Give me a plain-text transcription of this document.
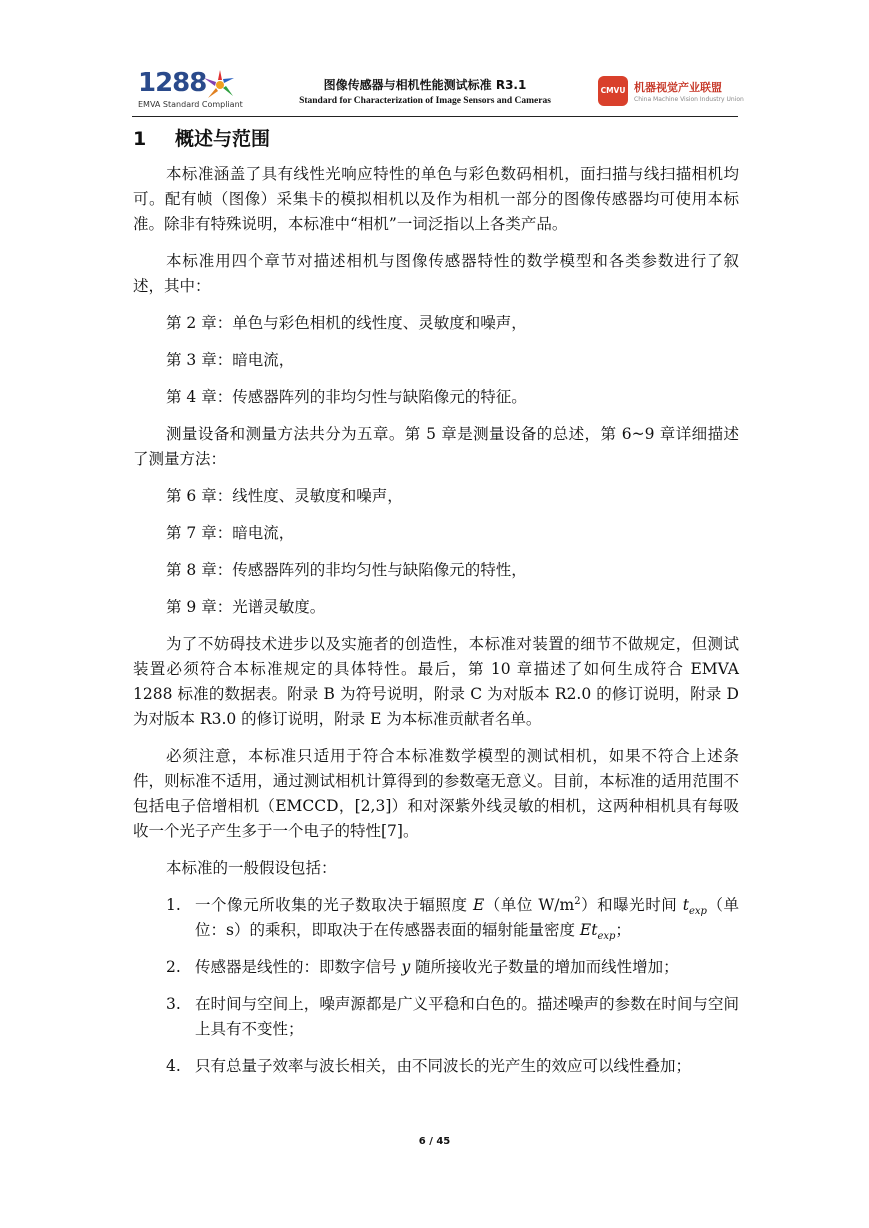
1288
EMVA Standard Compliant
图像传感器与相机性能测试标准 R3.1
Standard for Characterization of Image Sensors and Cameras
CMVU 机器视觉产业联盟
China Machine Vision Industry Union
1 概述与范围

本标准涵盖了具有线性光响应特性的单色与彩色数码相机，面扫描与线扫描相机均可。配有帧（图像）采集卡的模拟相机以及作为相机一部分的图像传感器均可使用本标准。除非有特殊说明，本标准中“相机”一词泛指以上各类产品。

本标准用四个章节对描述相机与图像传感器特性的数学模型和各类参数进行了叙述，其中：

第 2 章：单色与彩色相机的线性度、灵敏度和噪声，

第 3 章：暗电流，

第 4 章：传感器阵列的非均匀性与缺陷像元的特征。

测量设备和测量方法共分为五章。第 5 章是测量设备的总述，第 6~9 章详细描述了测量方法：

第 6 章：线性度、灵敏度和噪声，

第 7 章：暗电流，

第 8 章：传感器阵列的非均匀性与缺陷像元的特性，

第 9 章：光谱灵敏度。

为了不妨碍技术进步以及实施者的创造性，本标准对装置的细节不做规定，但测试装置必须符合本标准规定的具体特性。最后，第 10 章描述了如何生成符合 EMVA 1288 标准的数据表。附录 B 为符号说明，附录 C 为对版本 R2.0 的修订说明，附录 D 为对版本 R3.0 的修订说明，附录 E 为本标准贡献者名单。

必须注意，本标准只适用于符合本标准数学模型的测试相机，如果不符合上述条件，则标准不适用，通过测试相机计算得到的参数毫无意义。目前，本标准的适用范围不包括电子倍增相机（EMCCD，[2,3]）和对深紫外线灵敏的相机，这两种相机具有每吸收一个光子产生多于一个电子的特性[7]。

本标准的一般假设包括：

1. 一个像元所收集的光子数取决于辐照度 E（单位 $W/m^2$）和曝光时间 $t_{exp}$（单位：s）的乘积，即取决于在传感器表面的辐射能量密度 $Et_{exp}$；
2. 传感器是线性的：即数字信号 y 随所接收光子数量的增加而线性增加；
3. 在时间与空间上，噪声源都是广义平稳和白色的。描述噪声的参数在时间与空间上具有不变性；
4. 只有总量子效率与波长相关，由不同波长的光产生的效应可以线性叠加；
6 / 45
